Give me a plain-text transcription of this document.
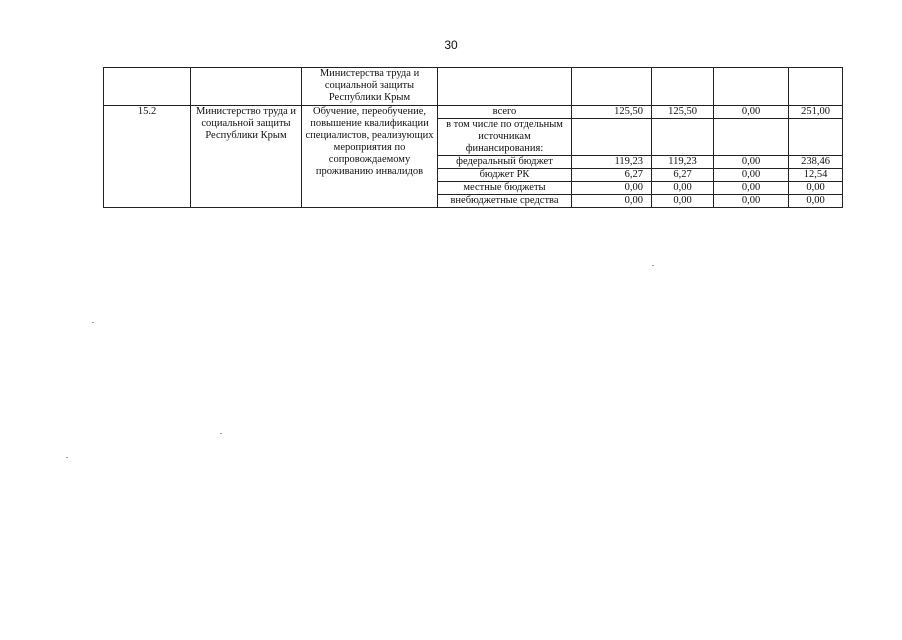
30
		Министерства труда и социальной защиты Республики Крым					
15.2	Министерство труда и социальной защиты Республики Крым	Обучение, переобучение, повышение квалификации специалистов, реализующих мероприятия по сопровождаемому проживанию инвалидов	всего	125,50	125,50	0,00	251,00
			в том числе по отдельным источникам финансирования:				
			федеральный бюджет	119,23	119,23	0,00	238,46
			бюджет РК	6,27	6,27	0,00	12,54
			местные бюджеты	0,00	0,00	0,00	0,00
			внебюджетные средства	0,00	0,00	0,00	0,00
